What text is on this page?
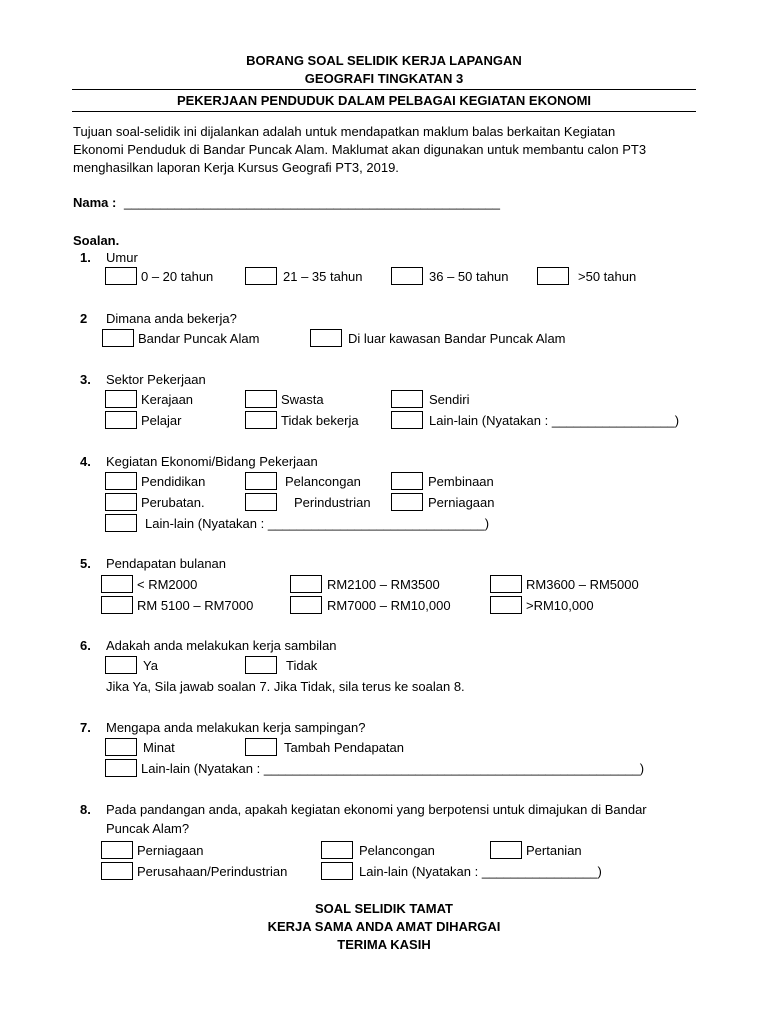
BORANG SOAL SELIDIK KERJA LAPANGAN
GEOGRAFI TINGKATAN 3
PEKERJAAN PENDUDUK DALAM PELBAGAI KEGIATAN EKONOMI
Tujuan soal-selidik ini dijalankan adalah untuk mendapatkan maklum balas berkaitan Kegiatan
Ekonomi Penduduk di Bandar Puncak Alam. Maklumat akan digunakan untuk membantu calon PT3
menghasilkan laporan Kerja Kursus Geografi PT3, 2019.
Nama : ____________________________________________________
Soalan.
1. Umur
0 – 20 tahun	21 – 35 tahun	36 – 50 tahun	>50 tahun
2 Dimana anda bekerja?
Bandar Puncak Alam	Di luar kawasan Bandar Puncak Alam
3. Sektor Pekerjaan
Kerajaan	Swasta	Sendiri
Pelajar	Tidak bekerja	Lain-lain (Nyatakan : _________________)
4. Kegiatan Ekonomi/Bidang Pekerjaan
Pendidikan	Pelancongan	Pembinaan
Perubatan.	Perindustrian	Perniagaan
Lain-lain (Nyatakan : ______________________________)
5. Pendapatan bulanan
< RM2000	RM2100 – RM3500	RM3600 – RM5000
RM 5100 – RM7000	RM7000 – RM10,000	>RM10,000
6. Adakah anda melakukan kerja sambilan
Ya	Tidak
Jika Ya, Sila jawab soalan 7. Jika Tidak, sila terus ke soalan 8.
7. Mengapa anda melakukan kerja sampingan?
Minat	Tambah Pendapatan
Lain-lain (Nyatakan : ____________________________________________________)
8. Pada pandangan anda, apakah kegiatan ekonomi yang berpotensi untuk dimajukan di Bandar
Puncak Alam?
Perniagaan	Pelancongan	Pertanian
Perusahaan/Perindustrian	Lain-lain (Nyatakan : ________________)
SOAL SELIDIK TAMAT
KERJA SAMA ANDA AMAT DIHARGAI
TERIMA KASIH
